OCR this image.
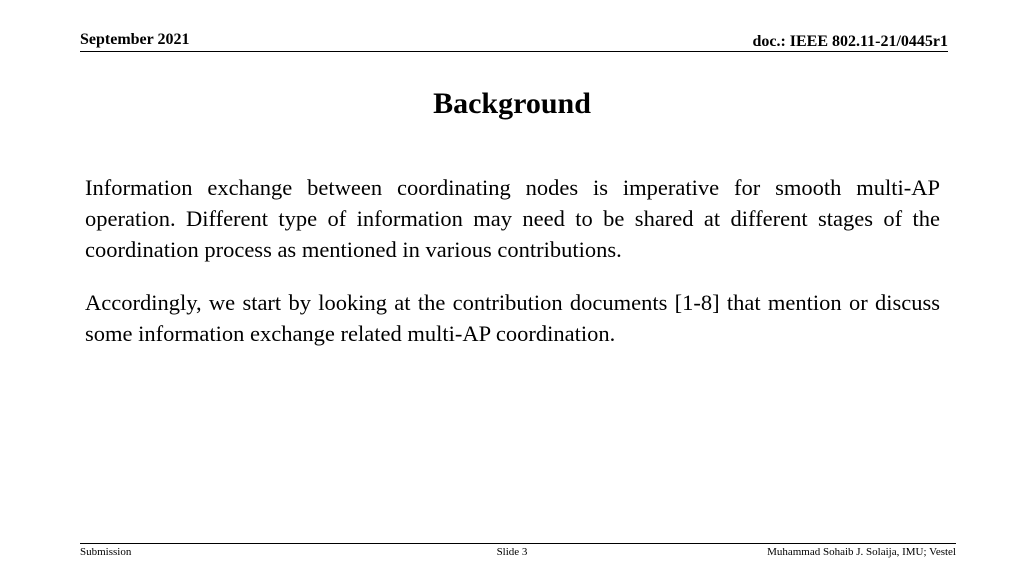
September 2021	doc.: IEEE 802.11-21/0445r1
Background

Information exchange between coordinating nodes is imperative for smooth multi-AP operation. Different type of information may need to be shared at different stages of the coordination process as mentioned in various contributions.

Accordingly, we start by looking at the contribution documents [1-8] that mention or discuss some information exchange related multi-AP coordination.

Submission	Slide 3	Muhammad Sohaib J. Solaija, IMU; Vestel
